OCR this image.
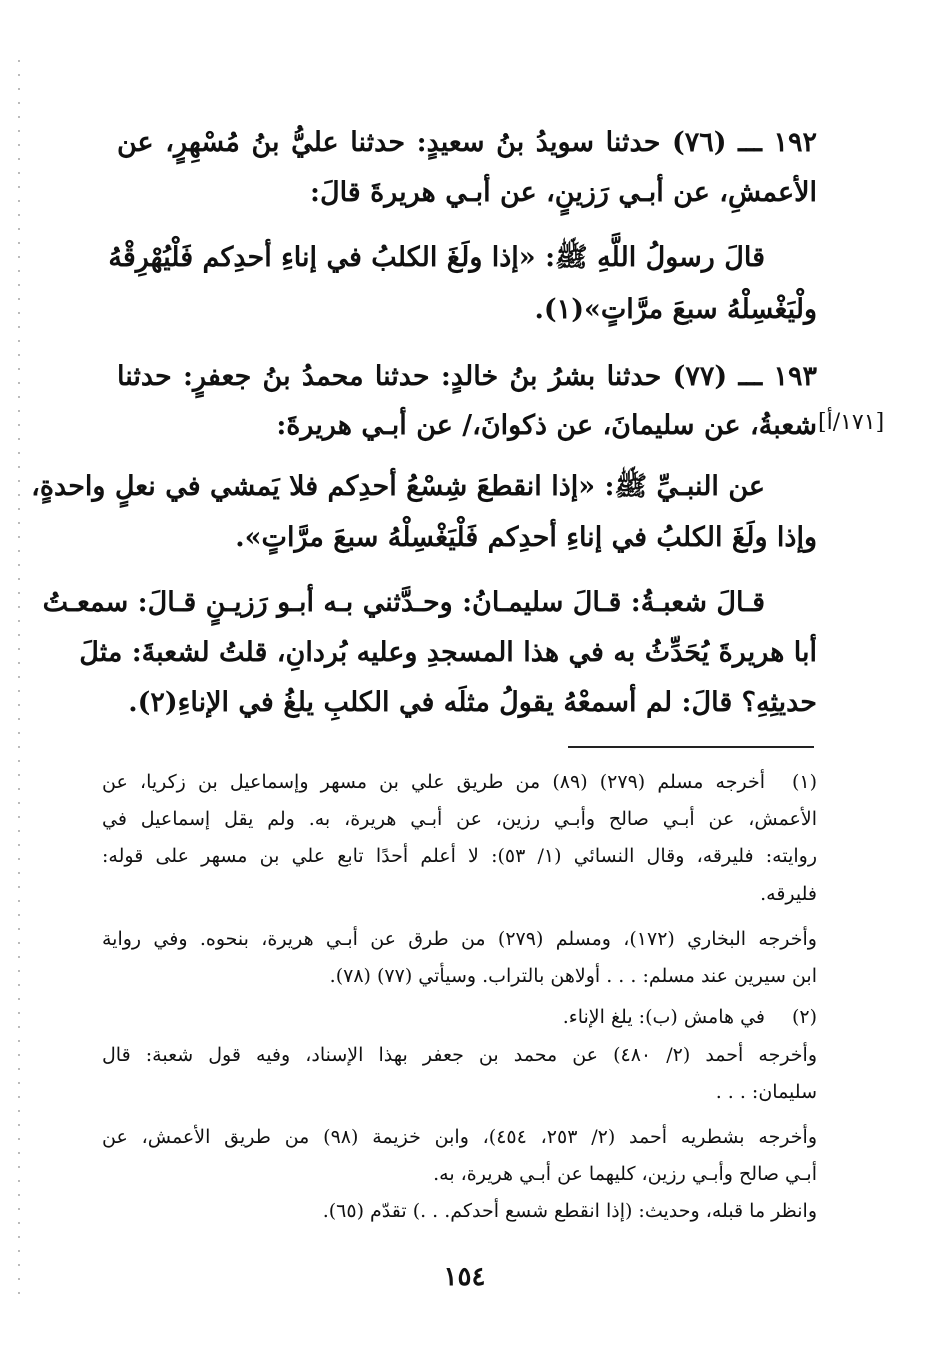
١٩٢ ـــ (٧٦) حدثنا سويدُ بنُ سعيدٍ: حدثنا عليُّ بنُ مُسْهِرٍ، عن
الأعمشِ، عن أبـي رَزينٍ، عن أبـي هريرةَ قالَ:
قالَ رسولُ اللَّهِ ﷺ: «إذا ولَغَ الكلبُ في إناءِ أحدِكم فَلْيُهْرِقْهُ
ولْيَغْسِلْهُ سبعَ مرَّاتٍ»(١).
١٩٣ ـــ (٧٧) حدثنا بشرُ بنُ خالدٍ: حدثنا محمدُ بنُ جعفرٍ: حدثنا
شعبةُ، عن سليمانَ، عن ذكوانَ،/ عن أبـي هريرةَ: [١٧١/أ]
عن النبـيِّ ﷺ: «إذا انقطعَ شِسْعُ أحدِكم فلا يَمشي في نعلٍ واحدةٍ،
وإذا ولَغَ الكلبُ في إناءِ أحدِكم فَلْيَغْسِلْهُ سبعَ مرَّاتٍ».
قـالَ شعبـةُ: قـالَ سليمـانُ: وحـدَّثني بـه أبـو رَزيـنٍ قـالَ: سمعـتُ
أبا هريرةَ يُحَدِّثُ به في هذا المسجدِ وعليه بُردانِ، قلتُ لشعبةَ: مثلَ
حديثِهِ؟ قالَ: لم أسمعْهُ يقولُ مثلَه في الكلبِ يلغُ في الإناءِ(٢).
(١)
أخرجه مسلم (٢٧٩) (٨٩) من طريق علي بن مسهر وإسماعيل بن زكريا، عن
الأعمش، عن أبـي صالح وأبـي رزين، عن أبـي هريرة، به. ولم يقل إسماعيل في
روايته: فليرقه، وقال النسائي (١/ ٥٣): لا أعلم أحدًا تابع علي بن مسهر على قوله:
فليرقه.
وأخرجه البخاري (١٧٢)، ومسلم (٢٧٩) من طرق عن أبـي هريرة، بنحوه. وفي رواية
ابن سيرين عند مسلم: . . . أولاهن بالتراب. وسيأتي (٧٧) (٧٨).
(٢)
في هامش (ب): يلغ الإناء.
وأخرجه أحمد (٢/ ٤٨٠) عن محمد بن جعفر بهذا الإسناد، وفيه قول شعبة: قال
سليمان: . . .
وأخرجه بشطريه أحمد (٢/ ٢٥٣، ٤٥٤)، وابن خزيمة (٩٨) من طريق الأعمش، عن
أبـي صالح وأبـي رزين، كليهما عن أبـي هريرة، به.
وانظر ما قبله، وحديث: (إذا انقطع شسع أحدكم. . .) تقدّم (٦٥).
١٥٤
